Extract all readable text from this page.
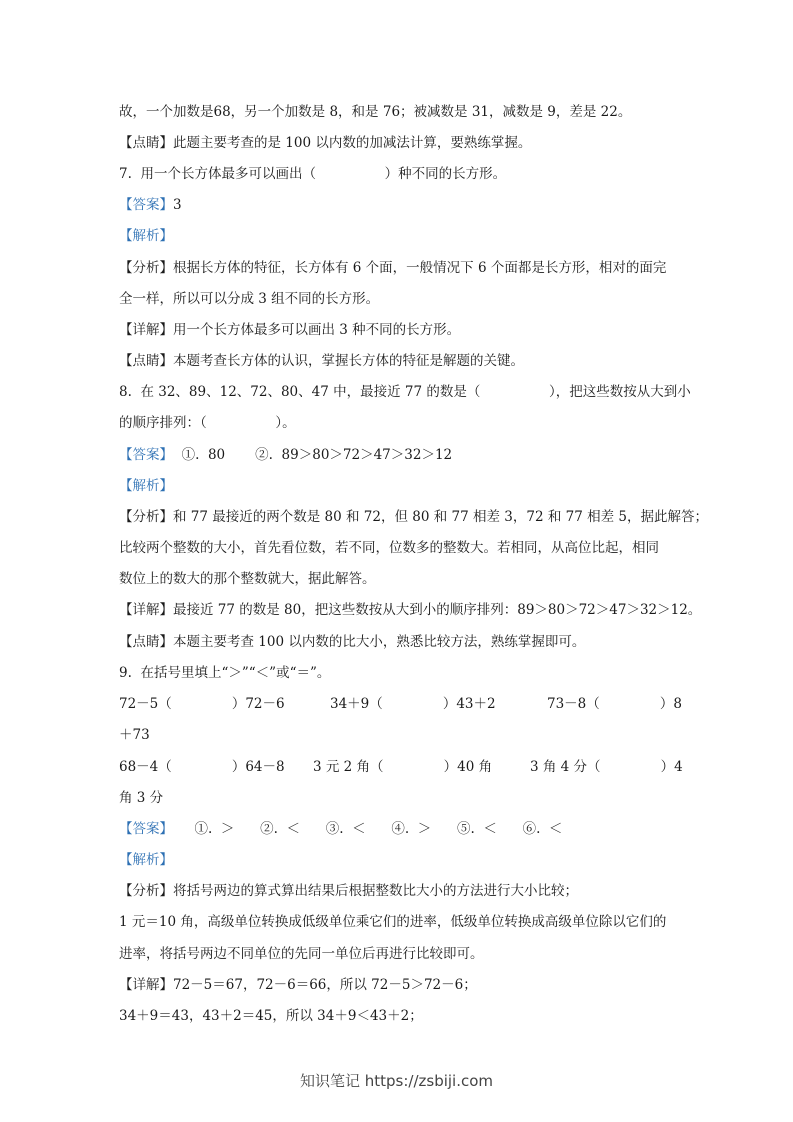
故，一个加数是68，另一个加数是 8，和是 76；被减数是 31，减数是 9，差是 22。
【点睛】此题主要考查的是 100 以内数的加减法计算，要熟练掌握。
7.  用一个长方体最多可以画出（                ）种不同的长方形。
【答案】3
【解析】
【分析】根据长方体的特征，长方体有 6 个面，一般情况下 6 个面都是长方形，相对的面完
全一样，所以可以分成 3 组不同的长方形。
【详解】用一个长方体最多可以画出 3 种不同的长方形。
【点睛】本题考查长方体的认识，掌握长方体的特征是解题的关键。
8.  在 32、89、12、72、80、47 中，最接近 77 的数是（                ），把这些数按从大到小
的顺序排列：（                ）。
【答案】  ①.  80       ②.  89＞80＞72＞47＞32＞12
【解析】
【分析】和 77 最接近的两个数是 80 和 72，但 80 和 77 相差 3，72 和 77 相差 5，据此解答；
比较两个整数的大小，首先看位数，若不同，位数多的整数大。若相同，从高位比起，相同
数位上的数大的那个整数就大，据此解答。
【详解】最接近 77 的数是 80，把这些数按从大到小的顺序排列：89＞80＞72＞47＞32＞12。
【点睛】本题主要考查 100 以内数的比大小，熟悉比较方法，熟练掌握即可。
9.  在括号里填上“＞”“＜”或“＝”。
72－5（              ）72－6	34＋9（              ）43＋2	73－8（              ）8
＋73
68－4（              ）64－8 3 元 2 角（              ）40 角	3 角 4 分（              ）4
角 3 分
【答案】     ①.  ＞      ②.  ＜      ③.  ＜      ④.  ＞      ⑤.  ＜      ⑥.  ＜
【解析】
【分析】将括号两边的算式算出结果后根据整数比大小的方法进行大小比较；
1 元＝10 角，高级单位转换成低级单位乘它们的进率，低级单位转换成高级单位除以它们的
进率，将括号两边不同单位的先同一单位后再进行比较即可。
【详解】72－5＝67，72－6＝66，所以 72－5＞72－6；
34＋9＝43，43＋2＝45，所以 34＋9＜43＋2；
知识笔记 https://zsbiji.com
